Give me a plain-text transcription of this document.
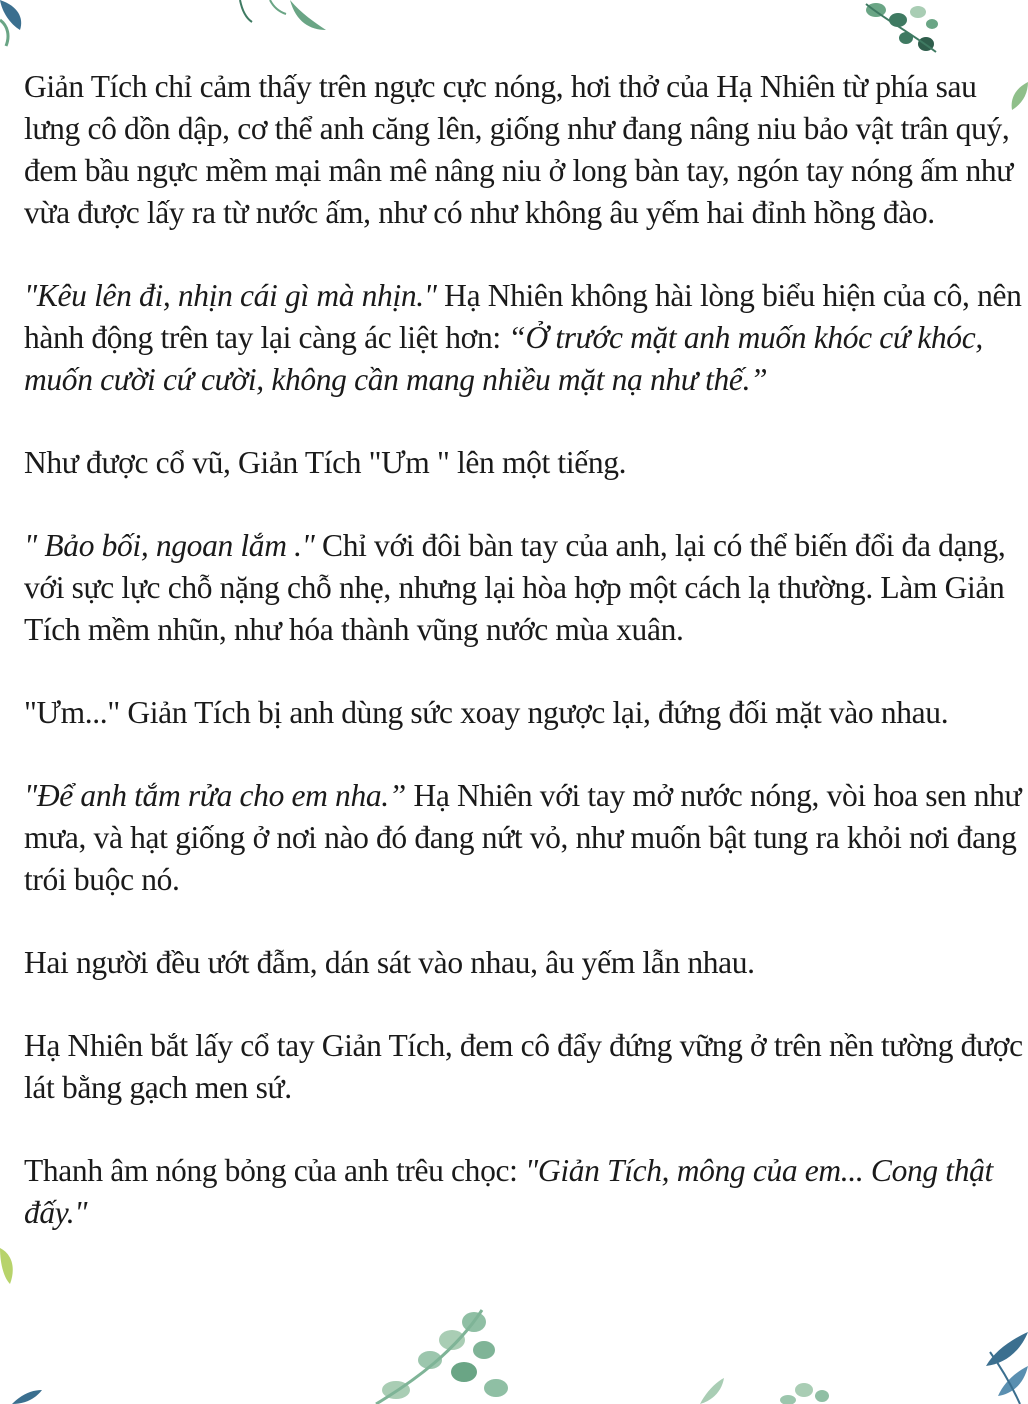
Giản Tích chỉ cảm thấy trên ngực cực nóng, hơi thở của Hạ Nhiên từ phía sau lưng cô dồn dập, cơ thể anh căng lên, giống như đang nâng niu bảo vật trân quý, đem bầu ngực mềm mại mân mê nâng niu ở long bàn tay, ngón tay nóng ấm như vừa được lấy ra từ nước ấm, như có như không âu yếm hai đỉnh hồng đào.

"Kêu lên đi, nhịn cái gì mà nhịn." Hạ Nhiên không hài lòng biểu hiện của cô, nên hành động trên tay lại càng ác liệt hơn: “Ở trước mặt anh muốn khóc cứ khóc, muốn cười cứ cười, không cần mang nhiều mặt nạ như thế.”

Như được cổ vũ, Giản Tích "Ưm " lên một tiếng.

" Bảo bối, ngoan lắm ." Chỉ với đôi bàn tay của anh, lại có thể biến đổi đa dạng, với sực lực chỗ nặng chỗ nhẹ, nhưng lại hòa hợp một cách lạ thường. Làm Giản Tích mềm nhũn, như hóa thành vũng nước mùa xuân.

"Ưm..." Giản Tích bị anh dùng sức xoay ngược lại, đứng đối mặt vào nhau.

"Để anh tắm rửa cho em nha.” Hạ Nhiên với tay mở nước nóng, vòi hoa sen như mưa, và hạt giống ở nơi nào đó đang nứt vỏ, như muốn bật tung ra khỏi nơi đang trói buộc nó.

Hai người đều ướt đẫm, dán sát vào nhau, âu yếm lẫn nhau.

Hạ Nhiên bắt lấy cổ tay Giản Tích, đem cô đẩy đứng vững ở trên nền tường được lát bằng gạch men sứ.

Thanh âm nóng bỏng của anh trêu chọc: "Giản Tích, mông của em... Cong thật đấy."
